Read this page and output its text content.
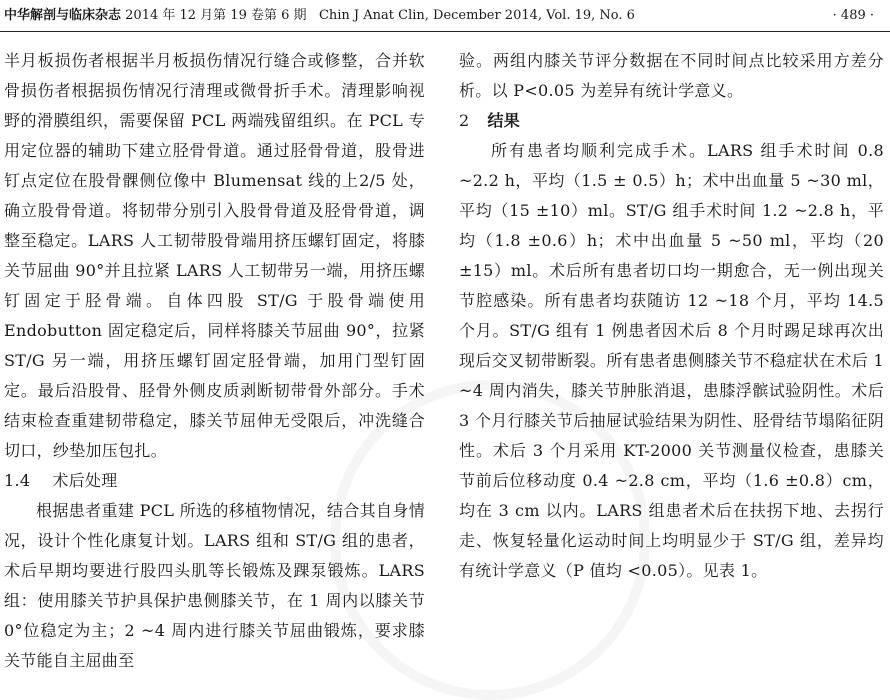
中华解剖与临床杂志 2014 年 12 月第 19 卷第 6 期 Chin J Anat Clin, December 2014, Vol. 19, No. 6	· 489 ·

半月板损伤者根据半月板损伤情况行缝合或修整，合并软骨损伤者根据损伤情况行清理或微骨折手术。清理影响视野的滑膜组织，需要保留 PCL 两端残留组织。在 PCL 专用定位器的辅助下建立胫骨骨道。通过胫骨骨道，股骨进钉点定位在股骨髁侧位像中 Blumensat 线的上2/5 处，确立股骨骨道。将韧带分别引入股骨骨道及胫骨骨道，调整至稳定。LARS 人工韧带股骨端用挤压螺钉固定，将膝关节屈曲 90°并且拉紧 LARS 人工韧带另一端，用挤压螺钉固定于胫骨端。自体四股 ST/G 于股骨端使用 Endobutton 固定稳定后，同样将膝关节屈曲 90°，拉紧 ST/G 另一端，用挤压螺钉固定胫骨端，加用门型钉固定。最后沿股骨、胫骨外侧皮质剥断韧带骨外部分。手术结束检查重建韧带稳定，膝关节屈伸无受限后，冲洗缝合切口，纱垫加压包扎。

1.4 术后处理

根据患者重建 PCL 所选的移植物情况，结合其自身情况，设计个性化康复计划。LARS 组和 ST/G 组的患者，术后早期均要进行股四头肌等长锻炼及踝泵锻炼。LARS 组：使用膝关节护具保护患侧膝关节，在 1 周内以膝关节 0°位稳定为主；2 ~4 周内进行膝关节屈曲锻炼，要求膝关节能自主屈曲至

验。两组内膝关节评分数据在不同时间点比较采用方差分析。以 P<0.05 为差异有统计学意义。

2 结果

所有患者均顺利完成手术。LARS 组手术时间 0.8 ~2.2 h，平均（1.5 ± 0.5）h；术中出血量 5 ~30 ml，平均（15 ±10）ml。ST/G 组手术时间 1.2 ~2.8 h，平均（1.8 ±0.6）h；术中出血量 5 ~50 ml，平均（20 ±15）ml。术后所有患者切口均一期愈合，无一例出现关节腔感染。所有患者均获随访 12 ~18 个月，平均 14.5 个月。ST/G 组有 1 例患者因术后 8 个月时踢足球再次出现后交叉韧带断裂。所有患者患侧膝关节不稳症状在术后 1 ~4 周内消失，膝关节肿胀消退，患膝浮髌试验阴性。术后 3 个月行膝关节后抽屉试验结果为阴性、胫骨结节塌陷征阴性。术后 3 个月采用 KT-2000 关节测量仪检查，患膝关节前后位移动度 0.4 ~2.8 cm，平均（1.6 ±0.8）cm，均在 3 cm 以内。LARS 组患者术后在扶拐下地、去拐行走、恢复轻量化运动时间上均明显少于 ST/G 组，差异均有统计学意义（P 值均 <0.05）。见表 1。
